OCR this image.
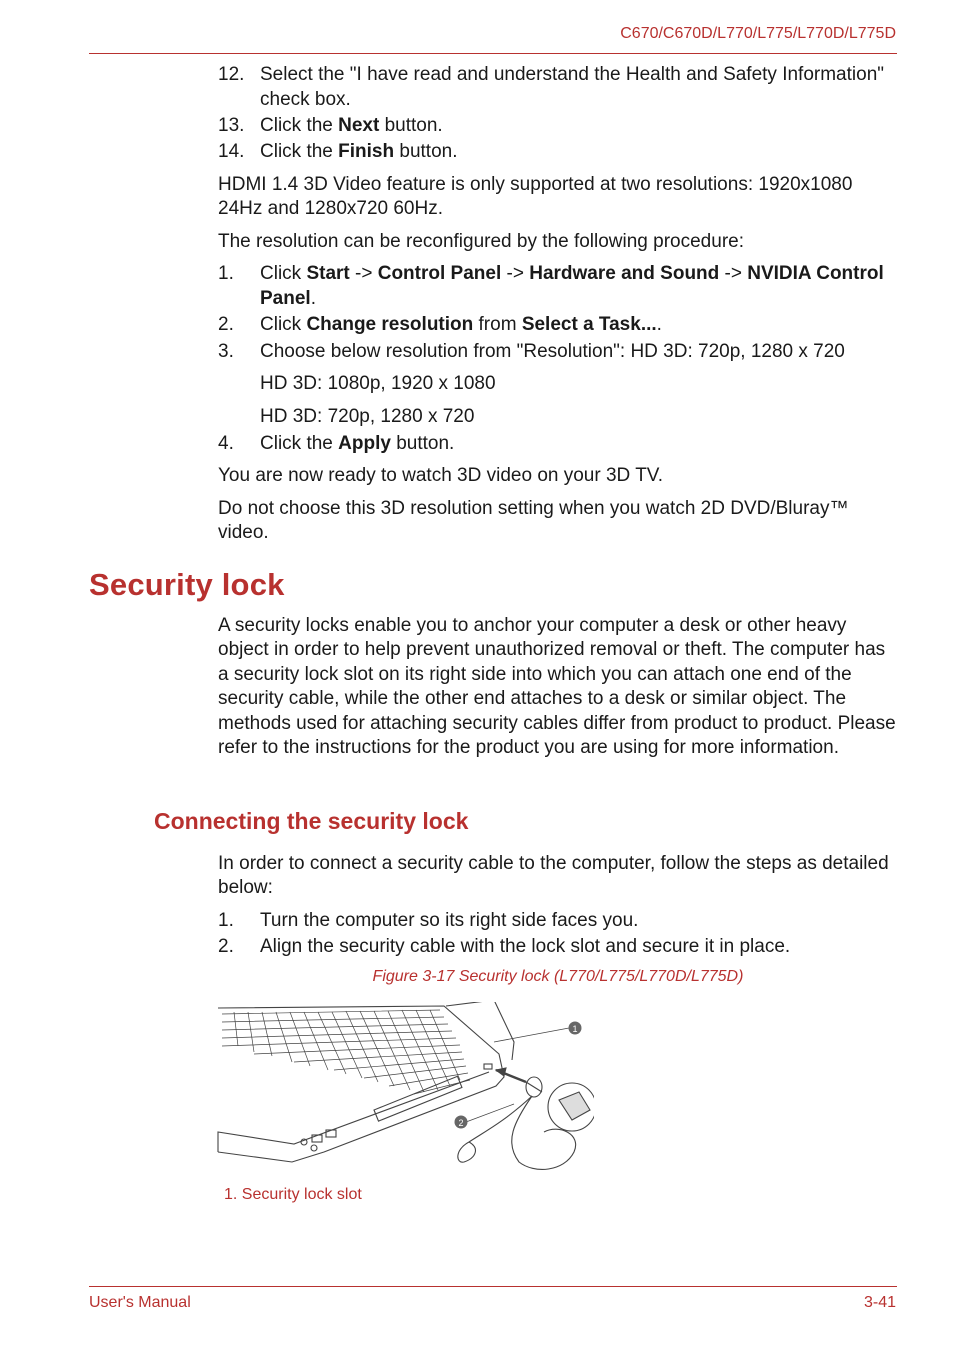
C670/C670D/L770/L775/L770D/L775D
12. Select the "I have read and understand the Health and Safety Information" check box.
13. Click the Next button.
14. Click the Finish button.
HDMI 1.4 3D Video feature is only supported at two resolutions: 1920x1080 24Hz and 1280x720 60Hz.
The resolution can be reconfigured by the following procedure:
1. Click Start -> Control Panel -> Hardware and Sound -> NVIDIA Control Panel.
2. Click Change resolution from Select a Task....
3. Choose below resolution from "Resolution": HD 3D: 720p, 1280 x 720
HD 3D: 1080p, 1920 x 1080
HD 3D: 720p, 1280 x 720
4. Click the Apply button.
You are now ready to watch 3D video on your 3D TV.
Do not choose this 3D resolution setting when you watch 2D DVD/Bluray™ video.
Security lock
A security locks enable you to anchor your computer a desk or other heavy object in order to help prevent unauthorized removal or theft. The computer has a security lock slot on its right side into which you can attach one end of the security cable, while the other end attaches to a desk or similar object. The methods used for attaching security cables differ from product to product. Please refer to the instructions for the product you are using for more information.
Connecting the security lock
In order to connect a security cable to the computer, follow the steps as detailed below:
1. Turn the computer so its right side faces you.
2. Align the security cable with the lock slot and secure it in place.
Figure 3-17 Security lock (L770/L775/L770D/L775D)
1
2
1. Security lock slot
User's Manual	3-41
